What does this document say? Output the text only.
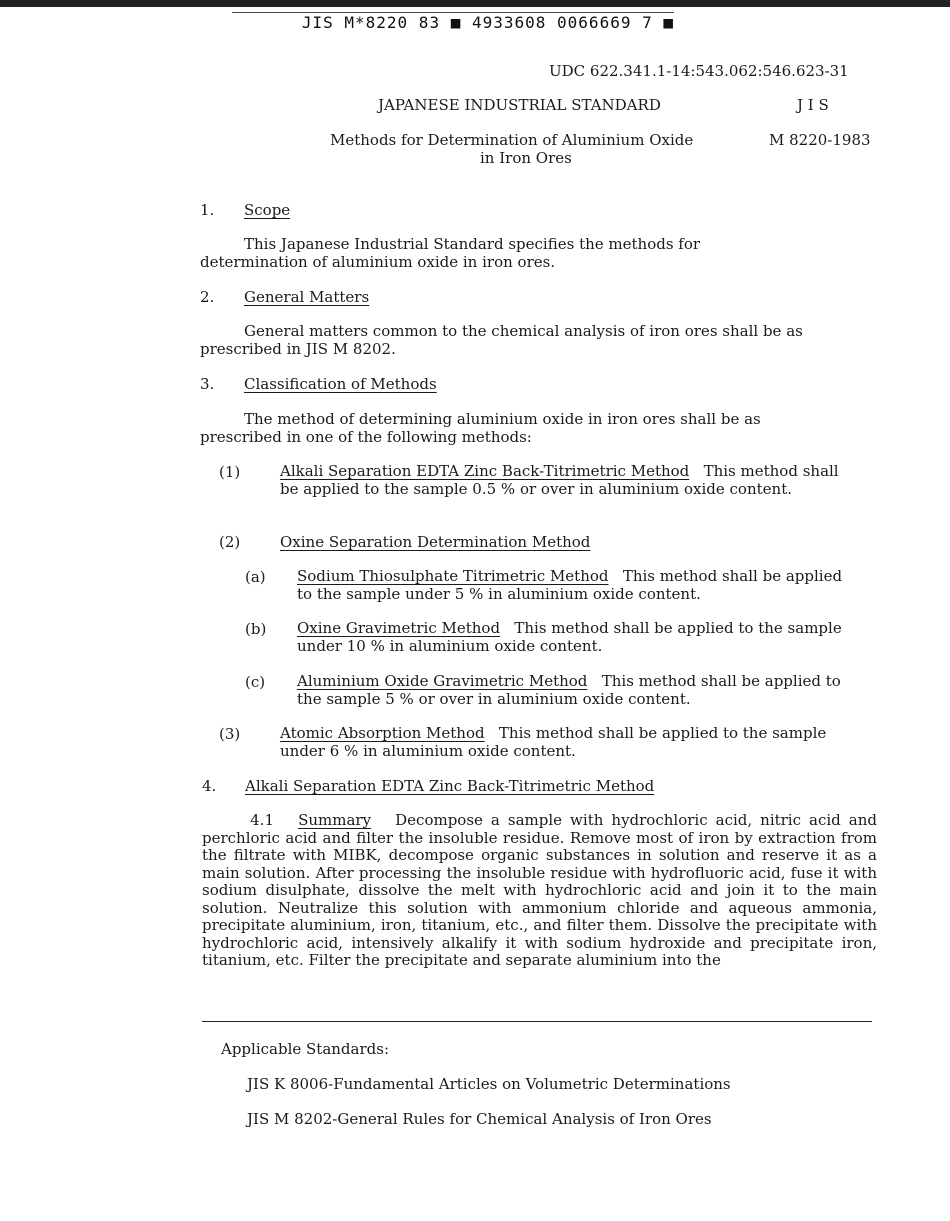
JIS M*8220 83 ■ 4933608 0066669 7 ■
UDC 622.341.1-14:543.062:546.623-31
JAPANESE INDUSTRIAL STANDARD	J I S
Methods for Determination of Aluminium Oxide	M 8220-1983
in Iron Ores
1. Scope
This Japanese Industrial Standard specifies the methods for determination of aluminium oxide in iron ores.
2. General Matters
General matters common to the chemical analysis of iron ores shall be as prescribed in JIS M 8202.
3. Classification of Methods
The method of determining aluminium oxide in iron ores shall be as prescribed in one of the following methods:
(1)	Alkali Separation EDTA Zinc Back-Titrimetric Method This method shall be applied to the sample 0.5 % or over in aluminium oxide content.
(2)	Oxine Separation Determination Method
(a) Sodium Thiosulphate Titrimetric Method This method shall be applied to the sample under 5 % in aluminium oxide content.
(b) Oxine Gravimetric Method This method shall be applied to the sample under 10 % in aluminium oxide content.
(c) Aluminium Oxide Gravimetric Method This method shall be applied to the sample 5 % or over in aluminium oxide content.
(3)	Atomic Absorption Method This method shall be applied to the sample under 6 % in aluminium oxide content.
4. Alkali Separation EDTA Zinc Back-Titrimetric Method
4.1 Summary Decompose a sample with hydrochloric acid, nitric acid and perchloric acid and filter the insoluble residue. Remove most of iron by extraction from the filtrate with MIBK, decompose organic substances in solution and reserve it as a main solution. After processing the insoluble residue with hydrofluoric acid, fuse it with sodium disulphate, dissolve the melt with hydrochloric acid and join it to the main solution. Neutralize this solution with ammonium chloride and aqueous ammonia, precipitate aluminium, iron, titanium, etc., and filter them. Dissolve the precipitate with hydrochloric acid, intensively alkalify it with sodium hydroxide and precipitate iron, titanium, etc. Filter the precipitate and separate aluminium into the
Applicable Standards:
JIS K 8006-Fundamental Articles on Volumetric Determinations
JIS M 8202-General Rules for Chemical Analysis of Iron Ores
